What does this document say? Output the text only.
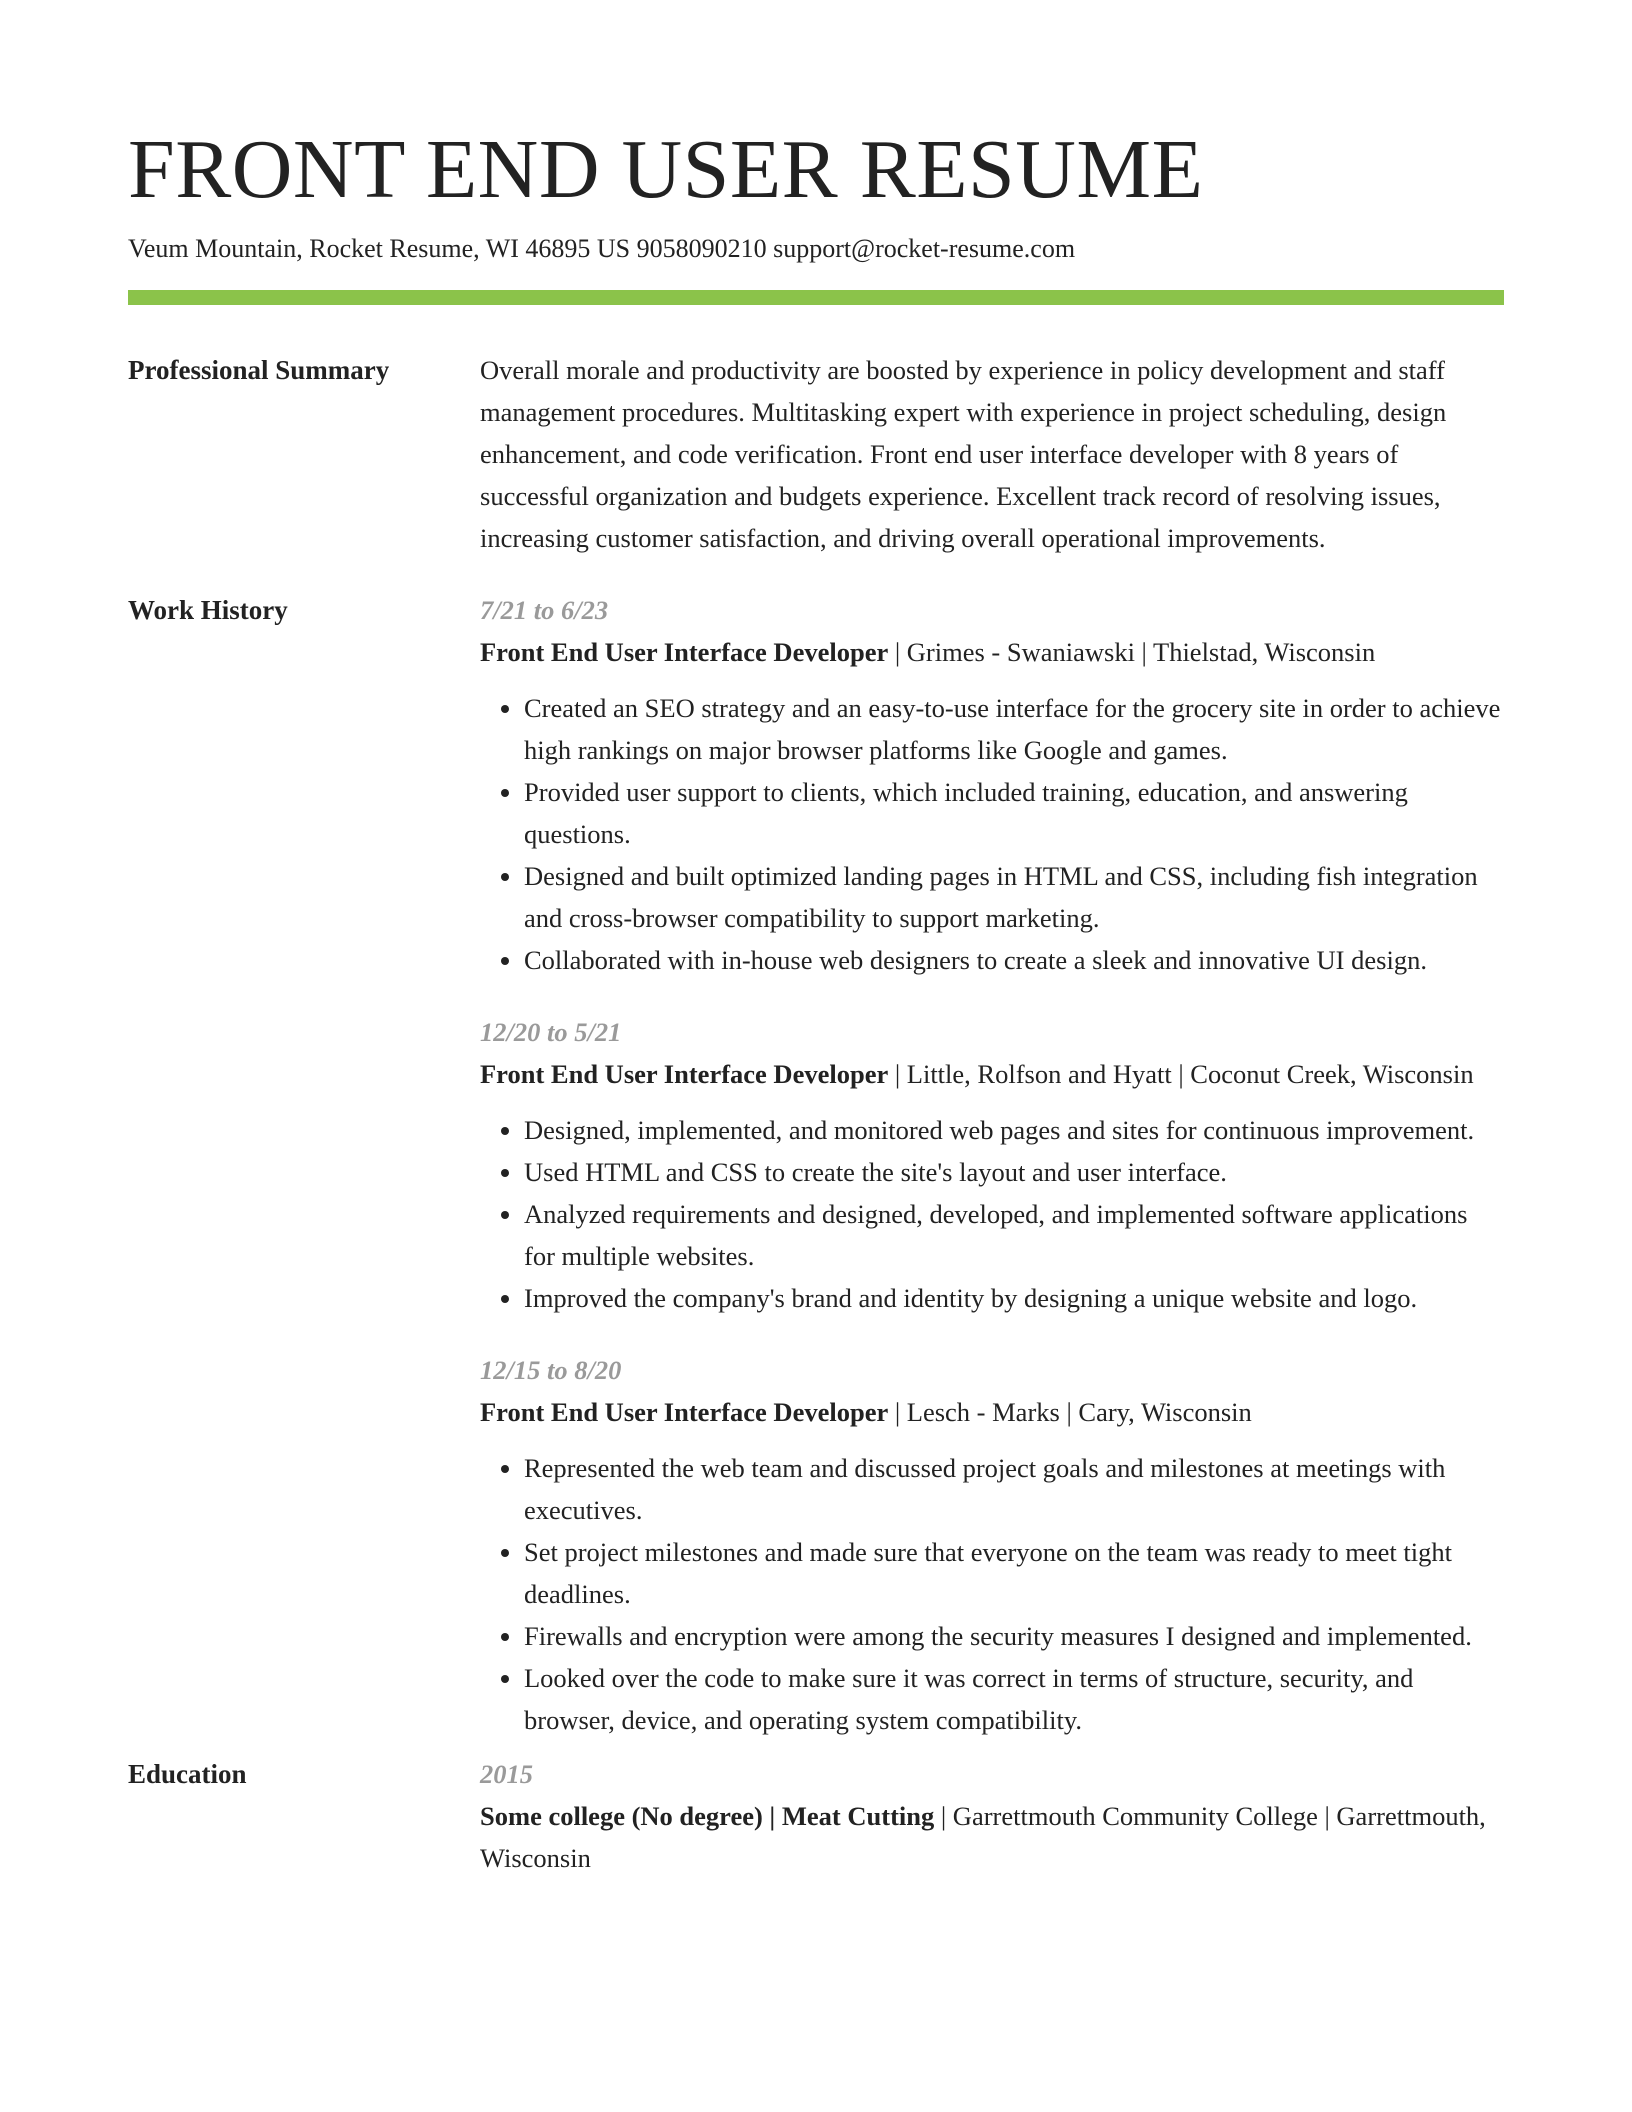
FRONT END USER RESUME
Veum Mountain, Rocket Resume, WI 46895 US 9058090210 support@rocket-resume.com
Professional Summary	Overall morale and productivity are boosted by experience in policy development and staff management procedures. Multitasking expert with experience in project scheduling, design enhancement, and code verification. Front end user interface developer with 8 years of successful organization and budgets experience. Excellent track record of resolving issues, increasing customer satisfaction, and driving overall operational improvements.
Work History	7/21 to 6/23
Front End User Interface Developer | Grimes - Swaniawski | Thielstad, Wisconsin
• Created an SEO strategy and an easy-to-use interface for the grocery site in order to achieve high rankings on major browser platforms like Google and games.
• Provided user support to clients, which included training, education, and answering questions.
• Designed and built optimized landing pages in HTML and CSS, including fish integration and cross-browser compatibility to support marketing.
• Collaborated with in-house web designers to create a sleek and innovative UI design.
12/20 to 5/21
Front End User Interface Developer | Little, Rolfson and Hyatt | Coconut Creek, Wisconsin
• Designed, implemented, and monitored web pages and sites for continuous improvement.
• Used HTML and CSS to create the site's layout and user interface.
• Analyzed requirements and designed, developed, and implemented software applications for multiple websites.
• Improved the company's brand and identity by designing a unique website and logo.
12/15 to 8/20
Front End User Interface Developer | Lesch - Marks | Cary, Wisconsin
• Represented the web team and discussed project goals and milestones at meetings with executives.
• Set project milestones and made sure that everyone on the team was ready to meet tight deadlines.
• Firewalls and encryption were among the security measures I designed and implemented.
• Looked over the code to make sure it was correct in terms of structure, security, and browser, device, and operating system compatibility.
Education	2015
Some college (No degree) | Meat Cutting | Garrettmouth Community College | Garrettmouth, Wisconsin
